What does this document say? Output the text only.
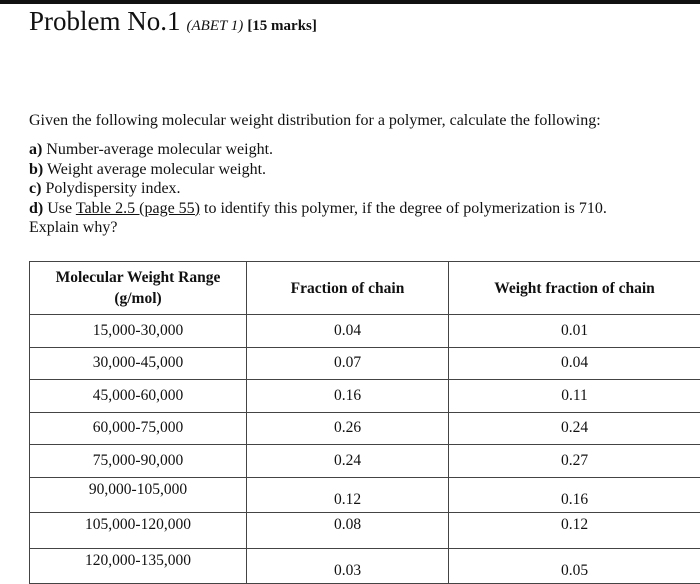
Problem No.1 (ABET 1) [15 marks]
Given the following molecular weight distribution for a polymer, calculate the following:
a) Number-average molecular weight.
b) Weight average molecular weight.
c) Polydispersity index.
d) Use Table 2.5 (page 55) to identify this polymer, if the degree of polymerization is 710.
Explain why?
Molecular Weight Range
(g/mol)	Fraction of chain	Weight fraction of chain
15,000-30,000	0.04	0.01
30,000-45,000	0.07	0.04
45,000-60,000	0.16	0.11
60,000-75,000	0.26	0.24
75,000-90,000	0.24	0.27
90,000-105,000	0.12	0.16
105,000-120,000	0.08	0.12
120,000-135,000	0.03	0.05
